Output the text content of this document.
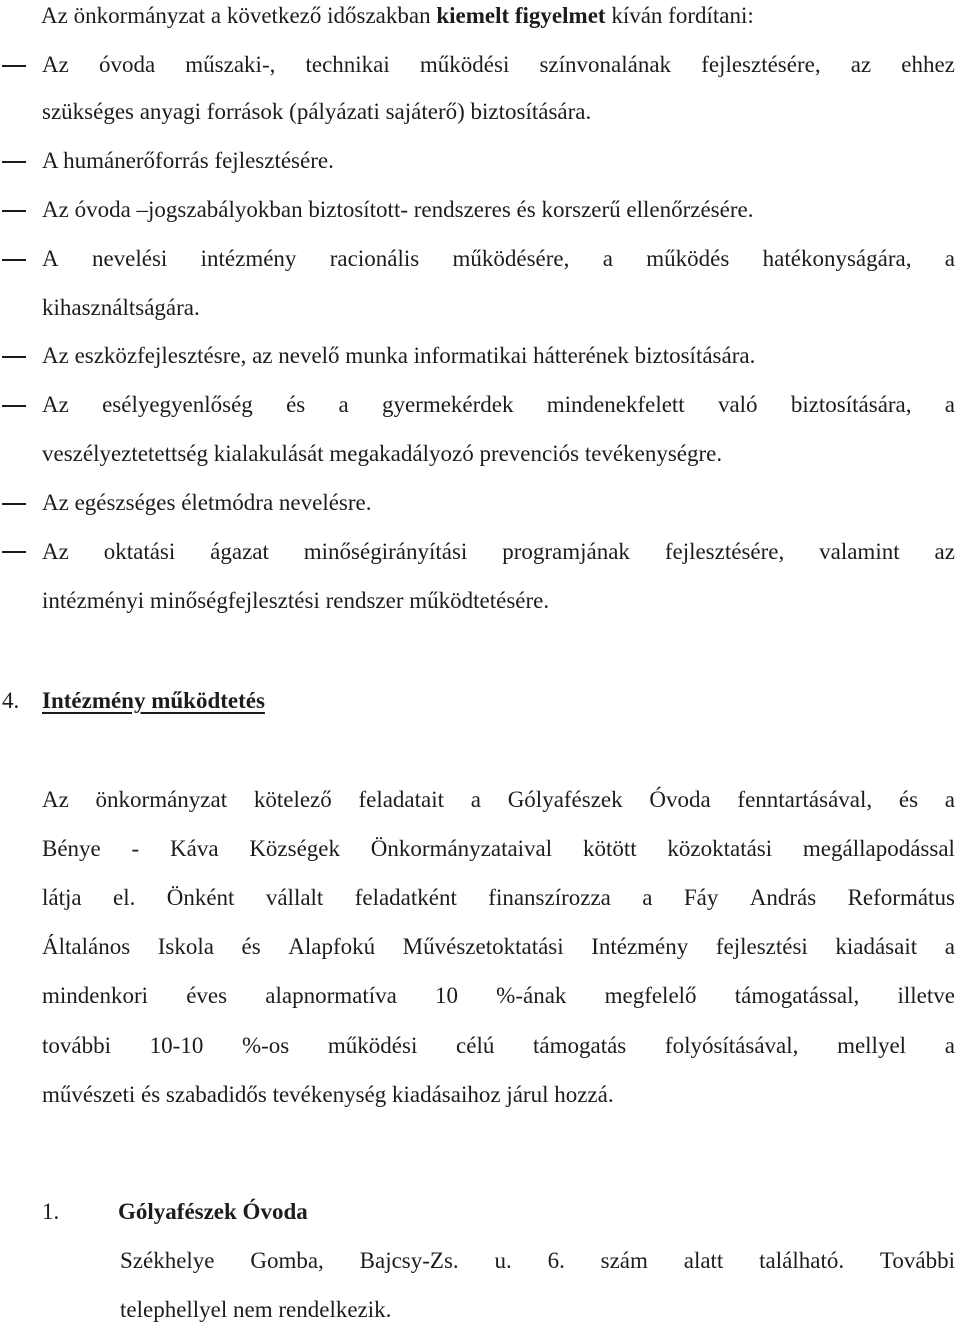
Az önkormányzat a következő időszakban kiemelt figyelmet kíván fordítani:
Az óvoda műszaki-, technikai működési színvonalának fejlesztésére, az ehhez
szükséges anyagi források (pályázati sajáterő) biztosítására.
A humánerőforrás fejlesztésére.
Az óvoda –jogszabályokban biztosított- rendszeres és korszerű ellenőrzésére.
A nevelési intézmény racionális működésére, a működés hatékonyságára, a
kihasználtságára.
Az eszközfejlesztésre, az nevelő munka informatikai hátterének biztosítására.
Az esélyegyenlőség és a gyermekérdek mindenekfelett való biztosítására, a
veszélyeztetettség kialakulását megakadályozó prevenciós tevékenységre.
Az egészséges életmódra nevelésre.
Az oktatási ágazat minőségirányítási programjának fejlesztésére, valamint az
intézményi minőségfejlesztési rendszer működtetésére.
4. Intézmény működtetés
Az önkormányzat kötelező feladatait a Gólyafészek Óvoda fenntartásával, és a
Bénye - Káva Községek Önkormányzataival kötött közoktatási megállapodással
látja el. Önként vállalt feladatként finanszírozza a Fáy András Református
Általános Iskola és Alapfokú Művészetoktatási Intézmény fejlesztési kiadásait a
mindenkori éves alapnormatíva 10 %-ának megfelelő támogatással, illetve
további 10-10 %-os működési célú támogatás folyósításával, mellyel a
művészeti és szabadidős tevékenység kiadásaihoz járul hozzá.
1.	Gólyafészek Óvoda
Székhelye Gomba, Bajcsy-Zs. u. 6. szám alatt található. További
telephellyel nem rendelkezik.
